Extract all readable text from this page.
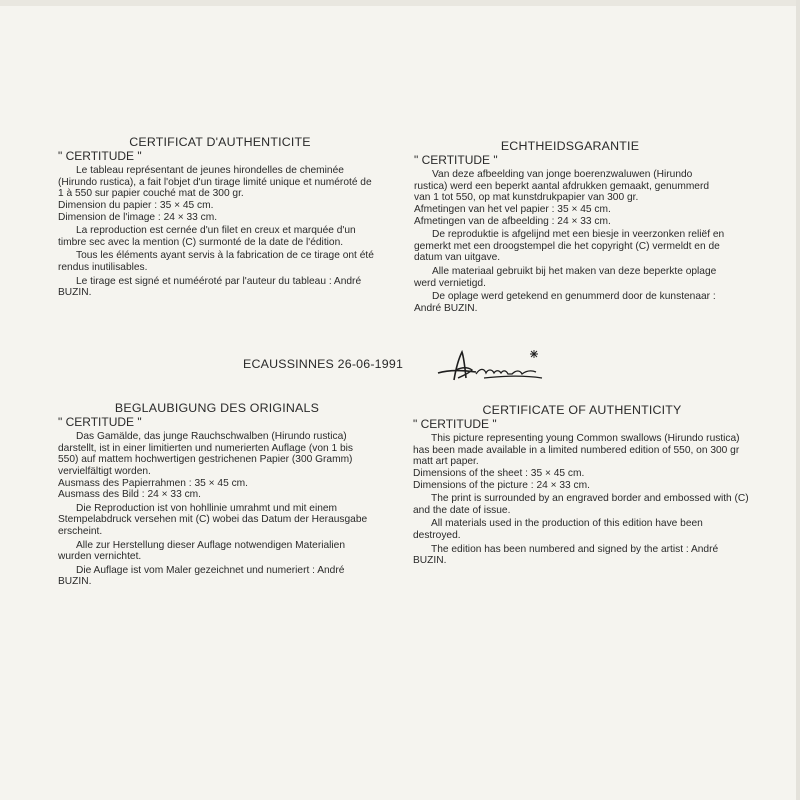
CERTIFICAT D'AUTHENTICITE
" CERTITUDE "

Le tableau représentant de jeunes hirondelles de cheminée (Hirundo rustica), a fait l'objet d'un tirage limité unique et numéroté de 1 à 550 sur papier couché mat de 300 gr.

Dimension du papier : 35 × 45 cm.

Dimension de l'image : 24 × 33 cm.

La reproduction est cernée d'un filet en creux et marquée d'un timbre sec avec la mention (C) surmonté de la date de l'édition.

Tous les éléments ayant servis à la fabrication de ce tirage ont été rendus inutilisables.

Le tirage est signé et numééroté par l'auteur du tableau : André BUZIN.

ECHTHEIDSGARANTIE
" CERTITUDE "

Van deze afbeelding van jonge boerenzwaluwen (Hirundo rustica) werd een beperkt aantal afdrukken gemaakt, genummerd van 1 tot 550, op mat kunstdrukpapier van 300 gr.

Afmetingen van het vel papier : 35 × 45 cm.

Afmetingen van de afbeelding : 24 × 33 cm.

De reproduktie is afgelijnd met een biesje in veerzonken reliëf en gemerkt met een droogstempel die het copyright (C) vermeldt en de datum van uitgave.

Alle materiaal gebruikt bij het maken van deze beperkte oplage werd vernietigd.

De oplage werd getekend en genummerd door de kunstenaar : André BUZIN.

ECAUSSINNES 26-06-1991
BEGLAUBIGUNG DES ORIGINALS
" CERTITUDE "

Das Gamälde, das junge Rauchschwalben (Hirundo rustica) darstellt, ist in einer limitierten und numerierten Auflage (von 1 bis 550) auf mattem hochwertigen gestrichenen Papier (300 Gramm) vervielfältigt worden.

Ausmass des Papierrahmen : 35 × 45 cm.

Ausmass des Bild : 24 × 33 cm.

Die Reproduction ist von hohllinie umrahmt und mit einem Stempelabdruck versehen mit (C) wobei das Datum der Herausgabe erscheint.

Alle zur Herstellung dieser Auflage notwendigen Materialien wurden vernichtet.

Die Auflage ist vom Maler gezeichnet und numeriert : André BUZIN.

CERTIFICATE OF AUTHENTICITY
" CERTITUDE "

This picture representing young Common swallows (Hirundo rustica) has been made available in a limited numbered edition of 550, on 300 gr matt art paper.

Dimensions of the sheet : 35 × 45 cm.

Dimensions of the picture : 24 × 33 cm.

The print is surrounded by an engraved border and embossed with (C) and the date of issue.

All materials used in the production of this edition have been destroyed.

The edition has been numbered and signed by the artist : André BUZIN.
